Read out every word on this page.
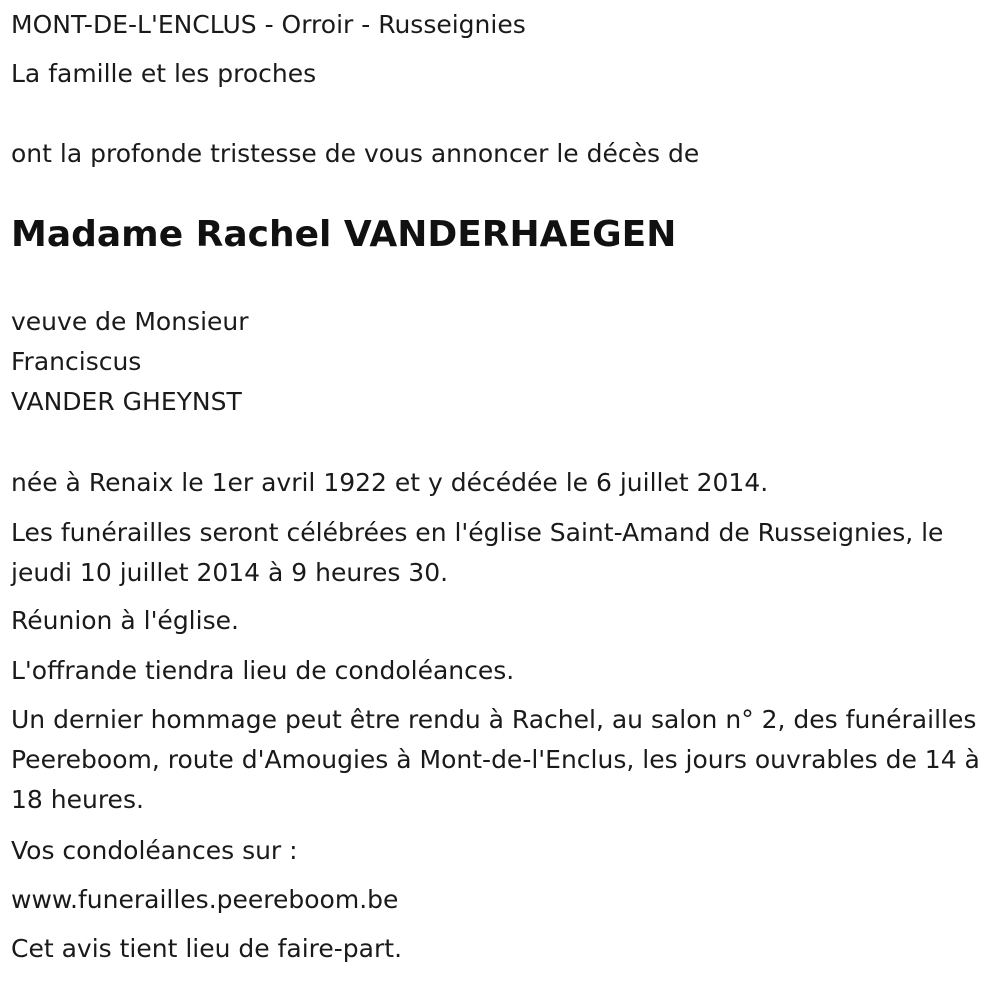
MONT-DE-L'ENCLUS - Orroir - Russeignies
La famille et les proches
ont la profonde tristesse de vous annoncer le décès de
Madame Rachel VANDERHAEGEN
veuve de Monsieur
Franciscus
VANDER GHEYNST
née à Renaix le 1er avril 1922 et y décédée le 6 juillet 2014.
Les funérailles seront célébrées en l'église Saint-Amand de Russeignies, le jeudi 10 juillet 2014 à 9 heures 30.
Réunion à l'église.
L'offrande tiendra lieu de condoléances.
Un dernier hommage peut être rendu à Rachel, au salon n° 2, des funérailles Peereboom, route d'Amougies à Mont-de-l'Enclus, les jours ouvrables de 14 à 18 heures.
Vos condoléances sur :
www.funerailles.peereboom.be
Cet avis tient lieu de faire-part.
